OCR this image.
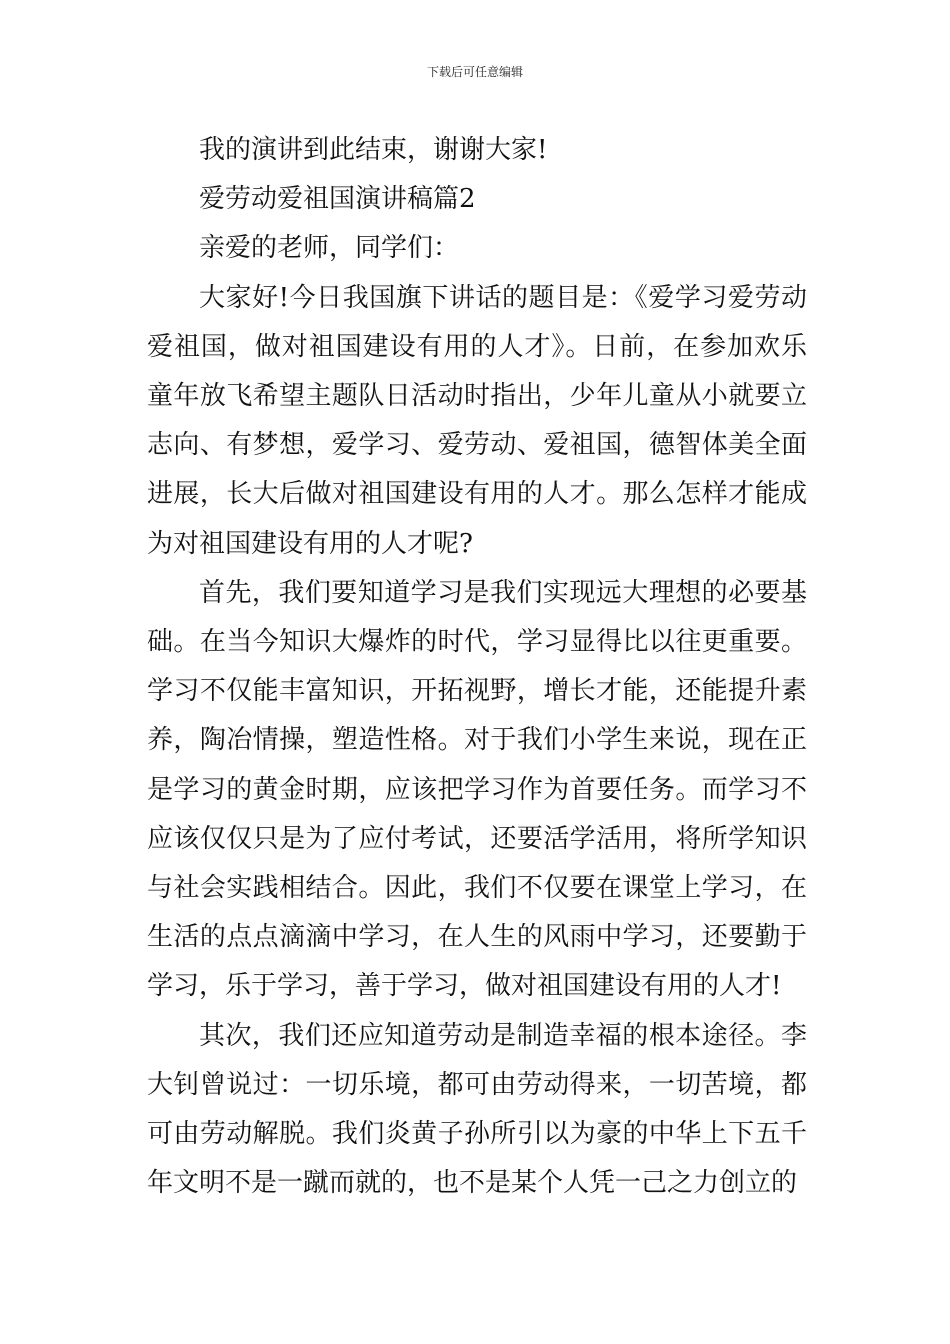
下载后可任意编辑

我的演讲到此结束，谢谢大家!

爱劳动爱祖国演讲稿篇2

亲爱的老师，同学们：

大家好!今日我国旗下讲话的题目是：《爱学习爱劳动爱祖国，做对祖国建设有用的人才》。日前，在参加欢乐童年放飞希望主题队日活动时指出，少年儿童从小就要立志向、有梦想，爱学习、爱劳动、爱祖国，德智体美全面进展，长大后做对祖国建设有用的人才。那么怎样才能成为对祖国建设有用的人才呢?

首先，我们要知道学习是我们实现远大理想的必要基础。在当今知识大爆炸的时代，学习显得比以往更重要。学习不仅能丰富知识，开拓视野，增长才能，还能提升素养，陶冶情操，塑造性格。对于我们小学生来说，现在正是学习的黄金时期，应该把学习作为首要任务。而学习不应该仅仅只是为了应付考试，还要活学活用，将所学知识与社会实践相结合。因此，我们不仅要在课堂上学习，在生活的点点滴滴中学习，在人生的风雨中学习，还要勤于学习，乐于学习，善于学习，做对祖国建设有用的人才!

其次，我们还应知道劳动是制造幸福的根本途径。李大钊曾说过：一切乐境，都可由劳动得来，一切苦境，都可由劳动解脱。我们炎黄子孙所引以为豪的中华上下五千年文明不是一蹴而就的，也不是某个人凭一己之力创立的
